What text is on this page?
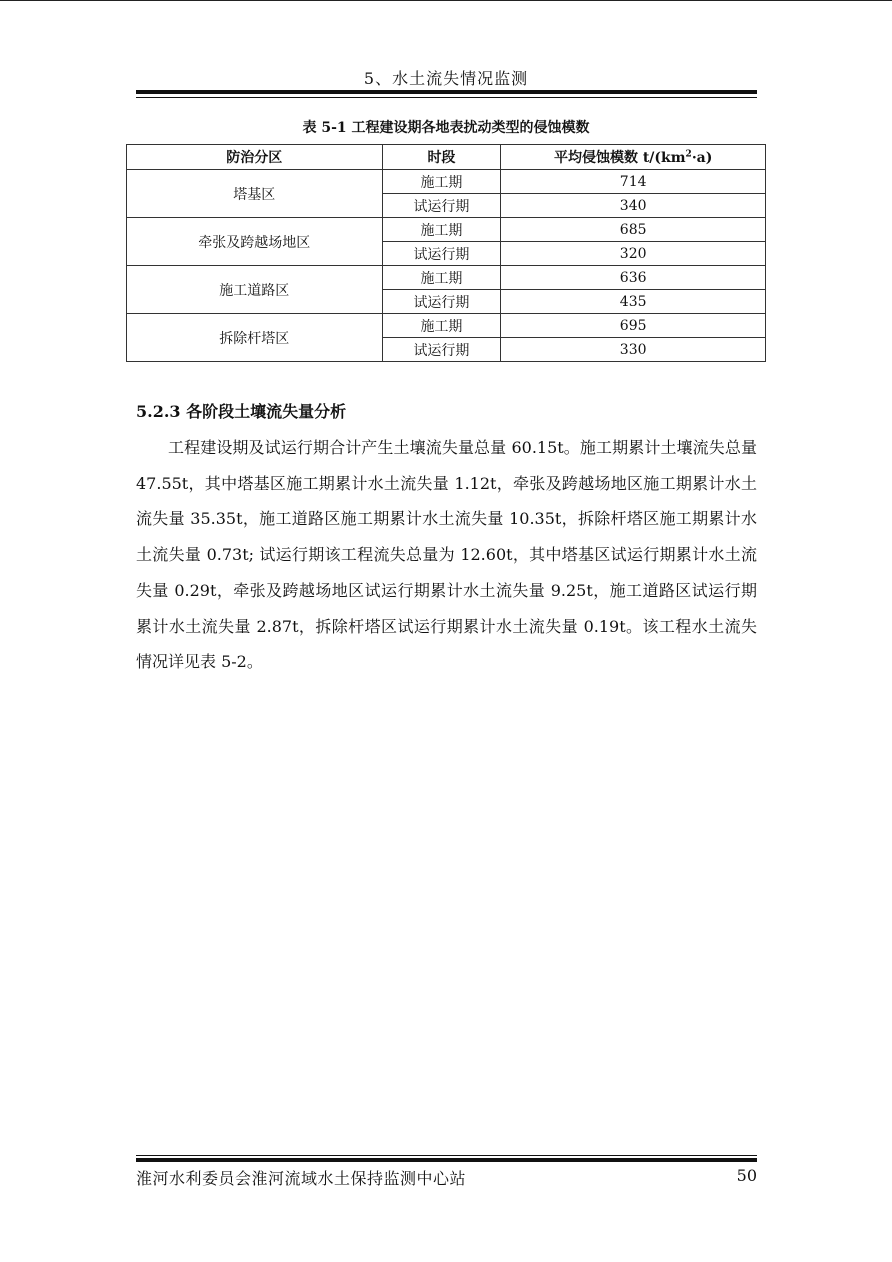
5、水土流失情况监测
表 5-1 工程建设期各地表扰动类型的侵蚀模数
防治分区	时段	平均侵蚀模数 $t/(km^2\cdot a)$
塔基区	施工期	714
	试运行期	340
牵张及跨越场地区	施工期	685
	试运行期	320
施工道路区	施工期	636
	试运行期	435
拆除杆塔区	施工期	695
	试运行期	330
5.2.3 各阶段土壤流失量分析

工程建设期及试运行期合计产生土壤流失量总量 60.15t。施工期累计土壤流失总量 47.55t，其中塔基区施工期累计水土流失量 1.12t，牵张及跨越场地区施工期累计水土流失量 35.35t，施工道路区施工期累计水土流失量 10.35t，拆除杆塔区施工期累计水土流失量 0.73t; 试运行期该工程流失总量为 12.60t，其中塔基区试运行期累计水土流失量 0.29t，牵张及跨越场地区试运行期累计水土流失量 9.25t，施工道路区试运行期累计水土流失量 2.87t，拆除杆塔区试运行期累计水土流失量 0.19t。该工程水土流失情况详见表 5-2。

淮河水利委员会淮河流域水土保持监测中心站	50
